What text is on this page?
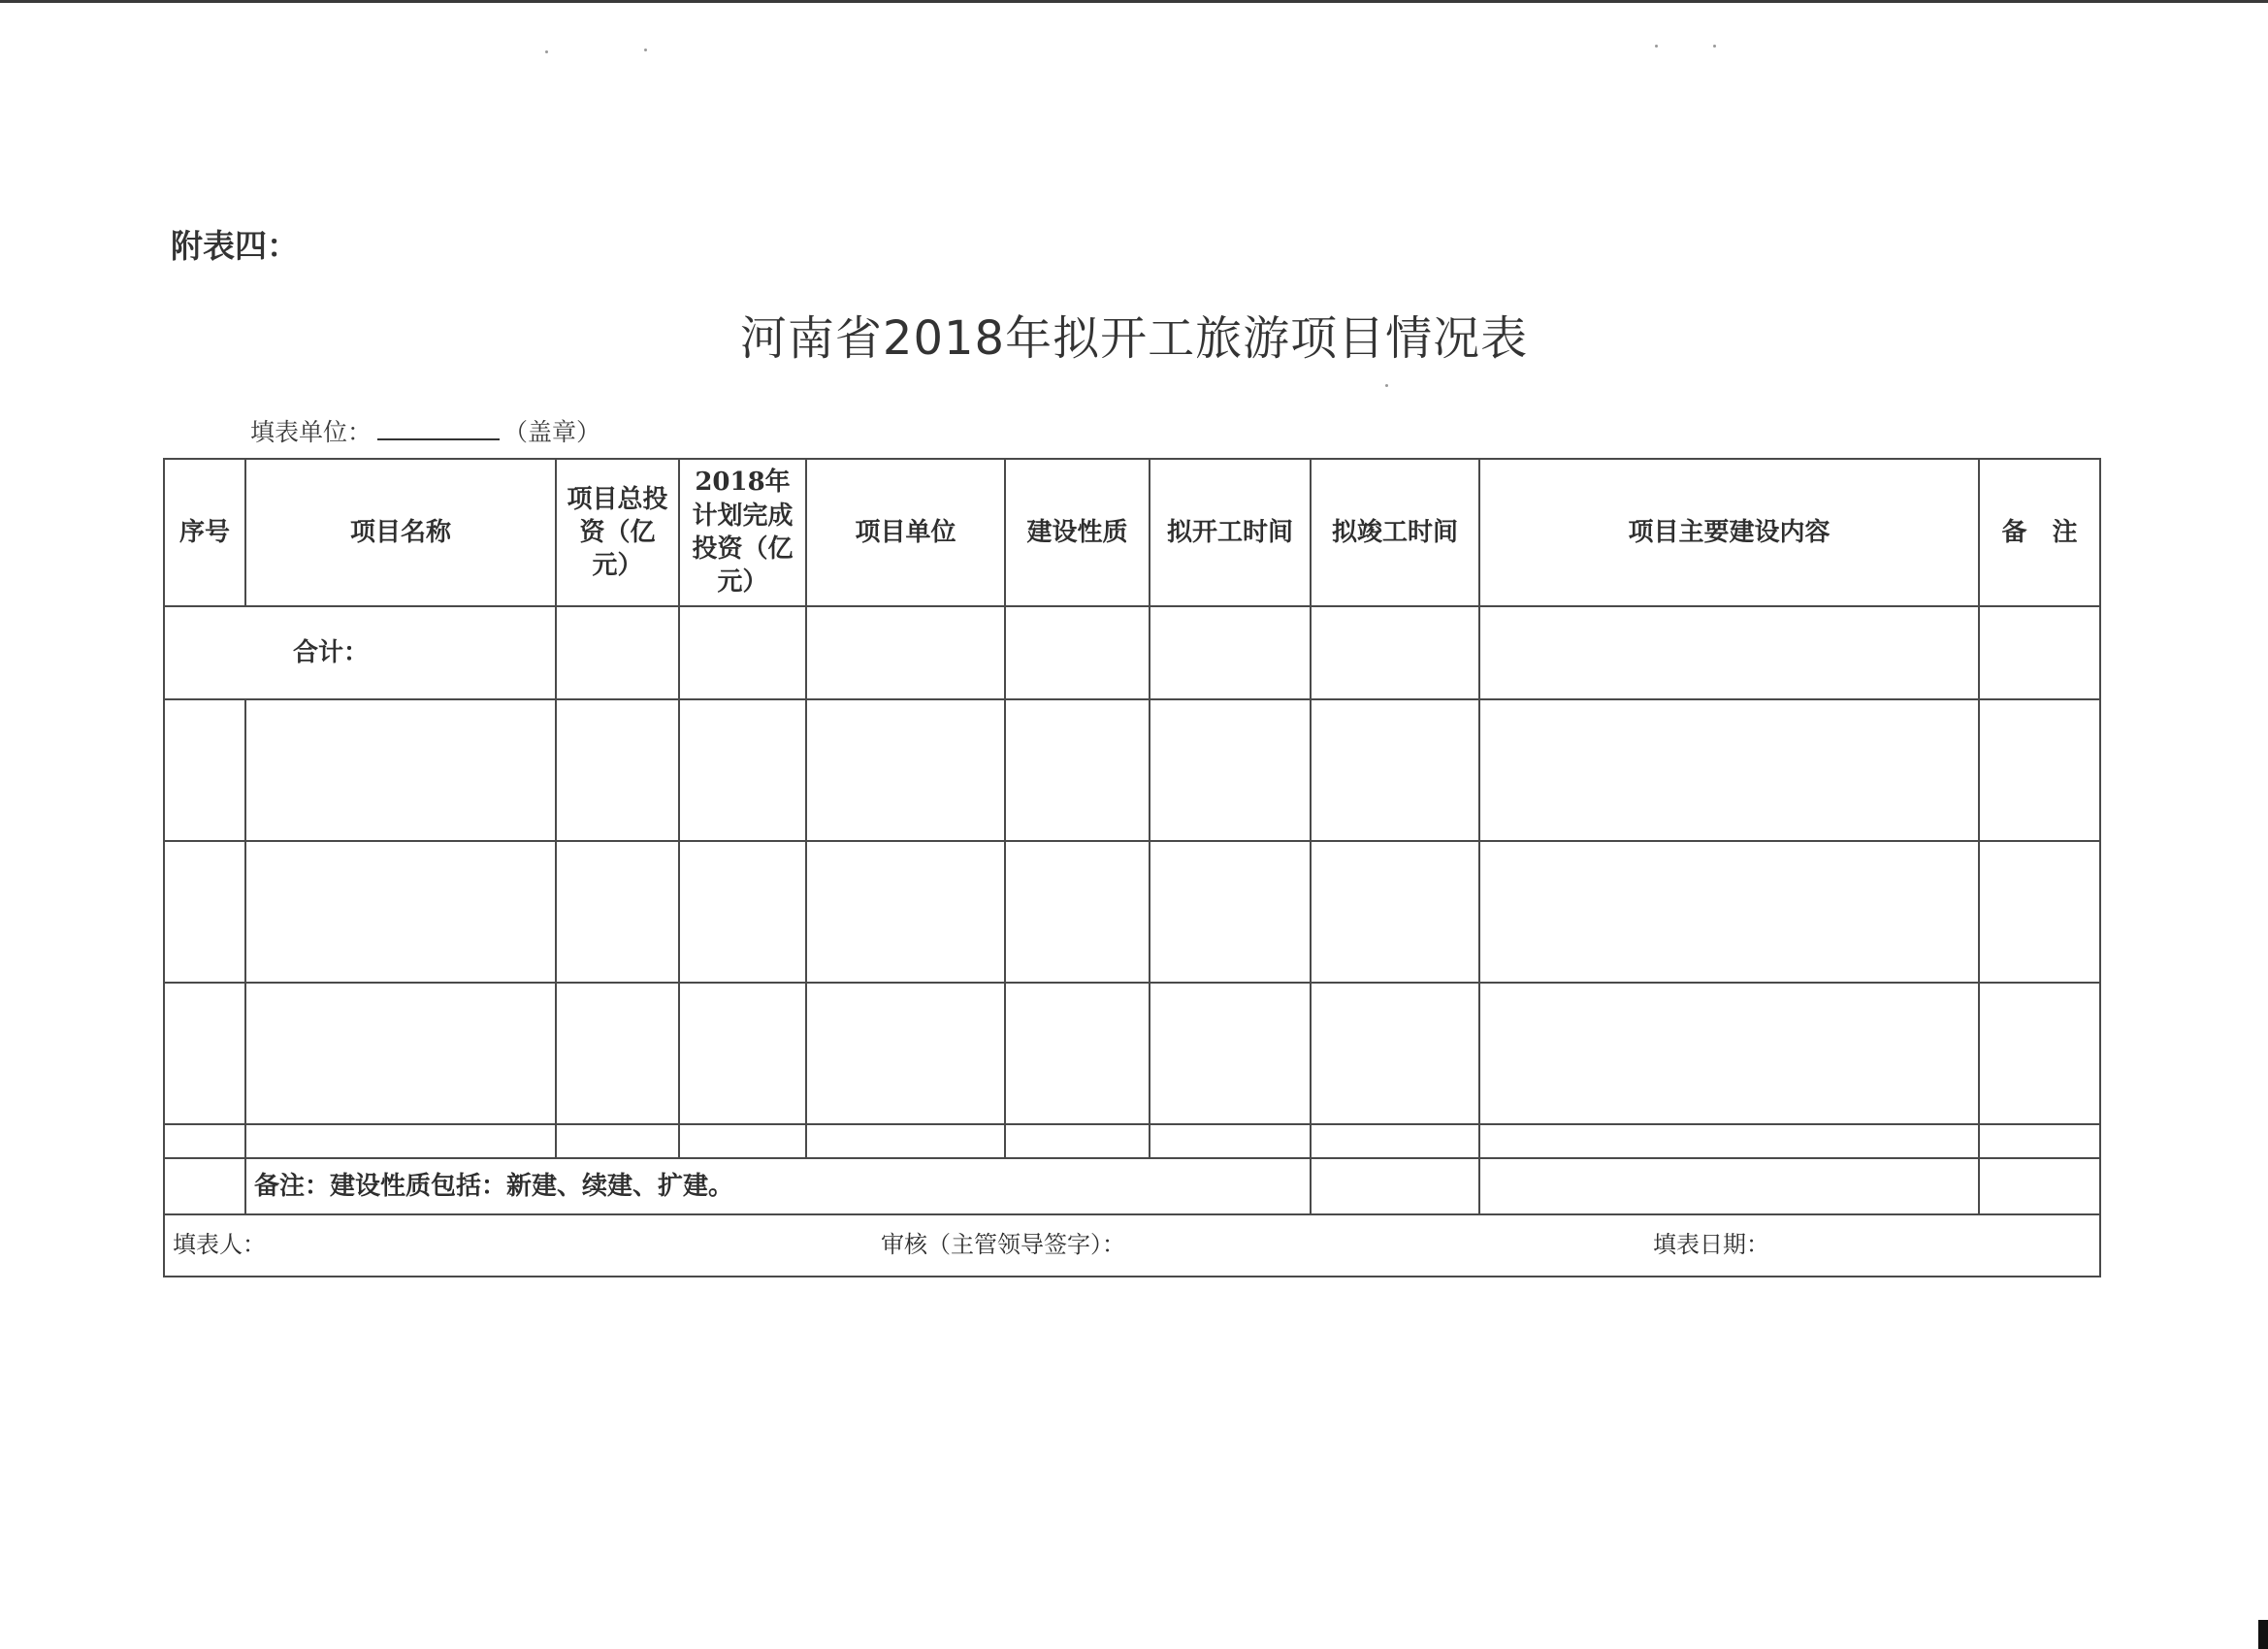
附表四：
河南省2018年拟开工旅游项目情况表
填表单位：	（盖章）
序号	项目名称	项目总投资（亿元）	2018年计划完成投资（亿元）	项目单位	建设性质	拟开工时间	拟竣工时间	项目主要建设内容	备　注

合计：									

	备注：建设性质包括：新建、续建、扩建。								

填表人： 审核（主管领导签字）： 填表日期：									
